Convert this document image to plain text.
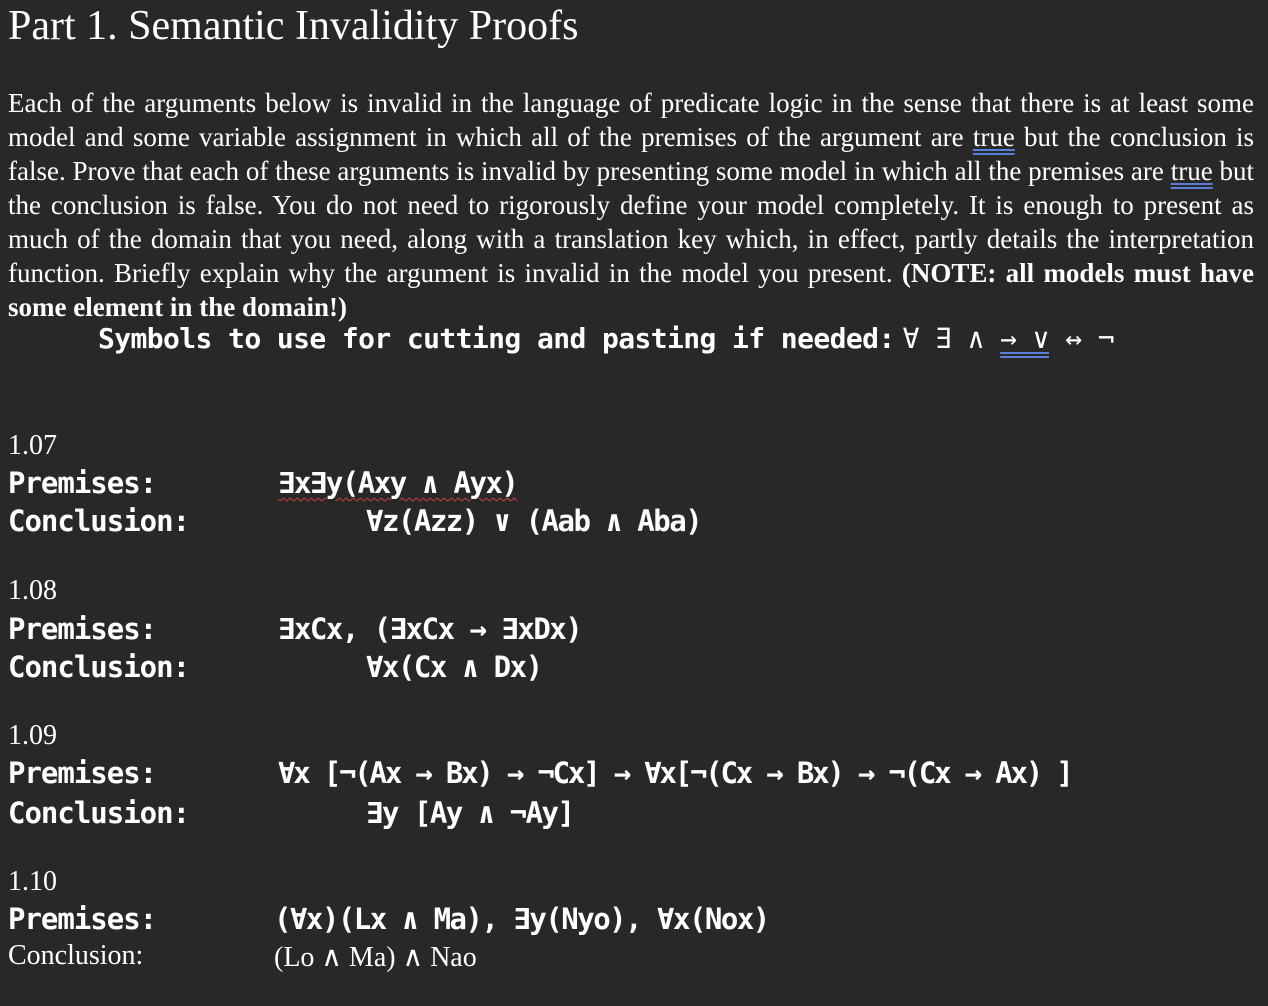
Part 1. Semantic Invalidity Proofs
Each of the arguments below is invalid in the language of predicate logic in the sense that there is at least some model and some variable assignment in which all of the premises of the argument are true but the conclusion is false. Prove that each of these arguments is invalid by presenting some model in which all the premises are true but the conclusion is false. You do not need to rigorously define your model completely. It is enough to present as much of the domain that you need, along with a translation key which, in effect, partly details the interpretation function. Briefly explain why the argument is invalid in the model you present. (NOTE: all models must have some element in the domain!)
Symbols to use for cutting and pasting if needed: ∀ ∃ ∧ → ∨ ↔ ¬
1.07
Premises:	∃x∃y(Axy ∧ Ayx)
Conclusion:	∀z(Azz) ∨ (Aab ∧ Aba)
1.08
Premises:	∃xCx, (∃xCx → ∃xDx)
Conclusion:	∀x(Cx ∧ Dx)
1.09
Premises:	∀x [¬(Ax → Bx) → ¬Cx] → ∀x[¬(Cx → Bx) → ¬(Cx → Ax) ]
Conclusion:	∃y [Ay ∧ ¬Ay]
1.10
Premises:	(∀x)(Lx ∧ Ma), ∃y(Nyo), ∀x(Nox)
Conclusion:	(Lo ∧ Ma) ∧ Nao
